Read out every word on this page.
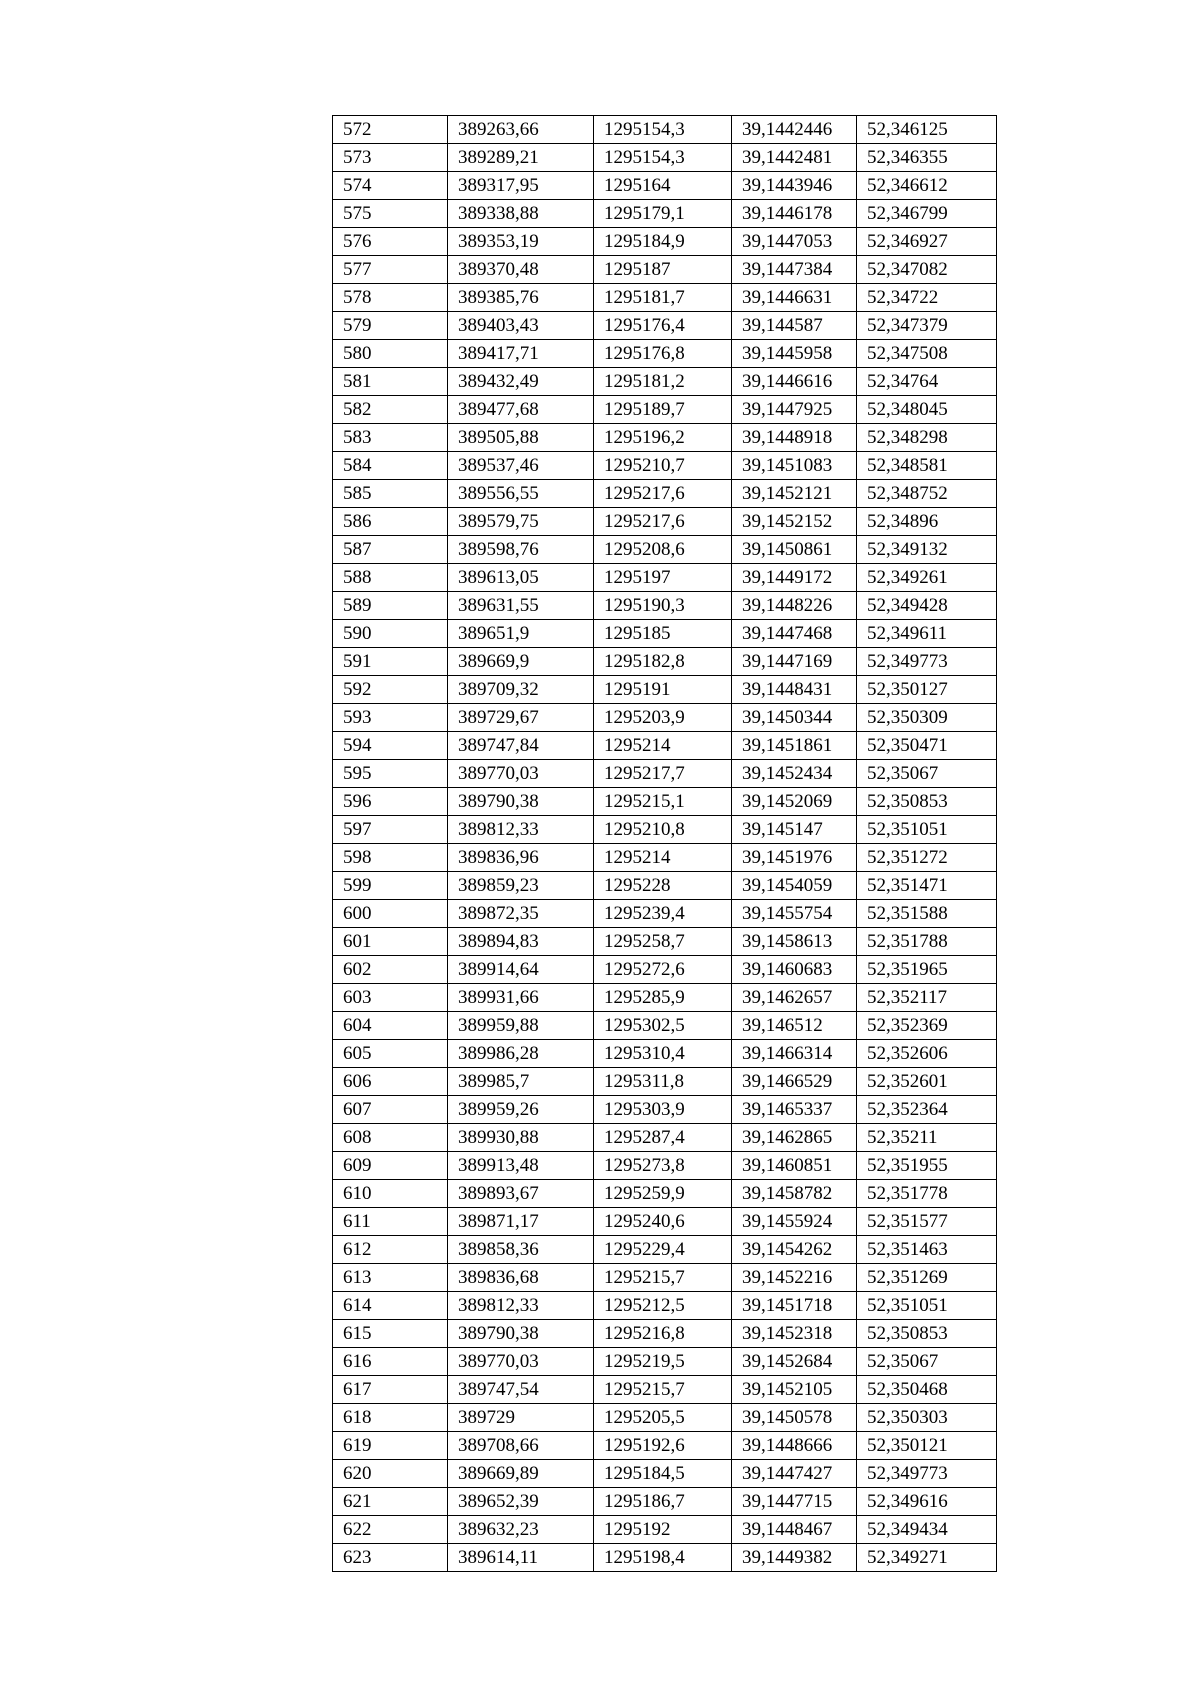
572	389263,66	1295154,3	39,1442446	52,346125
573	389289,21	1295154,3	39,1442481	52,346355
574	389317,95	1295164	39,1443946	52,346612
575	389338,88	1295179,1	39,1446178	52,346799
576	389353,19	1295184,9	39,1447053	52,346927
577	389370,48	1295187	39,1447384	52,347082
578	389385,76	1295181,7	39,1446631	52,34722
579	389403,43	1295176,4	39,144587	52,347379
580	389417,71	1295176,8	39,1445958	52,347508
581	389432,49	1295181,2	39,1446616	52,34764
582	389477,68	1295189,7	39,1447925	52,348045
583	389505,88	1295196,2	39,1448918	52,348298
584	389537,46	1295210,7	39,1451083	52,348581
585	389556,55	1295217,6	39,1452121	52,348752
586	389579,75	1295217,6	39,1452152	52,34896
587	389598,76	1295208,6	39,1450861	52,349132
588	389613,05	1295197	39,1449172	52,349261
589	389631,55	1295190,3	39,1448226	52,349428
590	389651,9	1295185	39,1447468	52,349611
591	389669,9	1295182,8	39,1447169	52,349773
592	389709,32	1295191	39,1448431	52,350127
593	389729,67	1295203,9	39,1450344	52,350309
594	389747,84	1295214	39,1451861	52,350471
595	389770,03	1295217,7	39,1452434	52,35067
596	389790,38	1295215,1	39,1452069	52,350853
597	389812,33	1295210,8	39,145147	52,351051
598	389836,96	1295214	39,1451976	52,351272
599	389859,23	1295228	39,1454059	52,351471
600	389872,35	1295239,4	39,1455754	52,351588
601	389894,83	1295258,7	39,1458613	52,351788
602	389914,64	1295272,6	39,1460683	52,351965
603	389931,66	1295285,9	39,1462657	52,352117
604	389959,88	1295302,5	39,146512	52,352369
605	389986,28	1295310,4	39,1466314	52,352606
606	389985,7	1295311,8	39,1466529	52,352601
607	389959,26	1295303,9	39,1465337	52,352364
608	389930,88	1295287,4	39,1462865	52,35211
609	389913,48	1295273,8	39,1460851	52,351955
610	389893,67	1295259,9	39,1458782	52,351778
611	389871,17	1295240,6	39,1455924	52,351577
612	389858,36	1295229,4	39,1454262	52,351463
613	389836,68	1295215,7	39,1452216	52,351269
614	389812,33	1295212,5	39,1451718	52,351051
615	389790,38	1295216,8	39,1452318	52,350853
616	389770,03	1295219,5	39,1452684	52,35067
617	389747,54	1295215,7	39,1452105	52,350468
618	389729	1295205,5	39,1450578	52,350303
619	389708,66	1295192,6	39,1448666	52,350121
620	389669,89	1295184,5	39,1447427	52,349773
621	389652,39	1295186,7	39,1447715	52,349616
622	389632,23	1295192	39,1448467	52,349434
623	389614,11	1295198,4	39,1449382	52,349271
